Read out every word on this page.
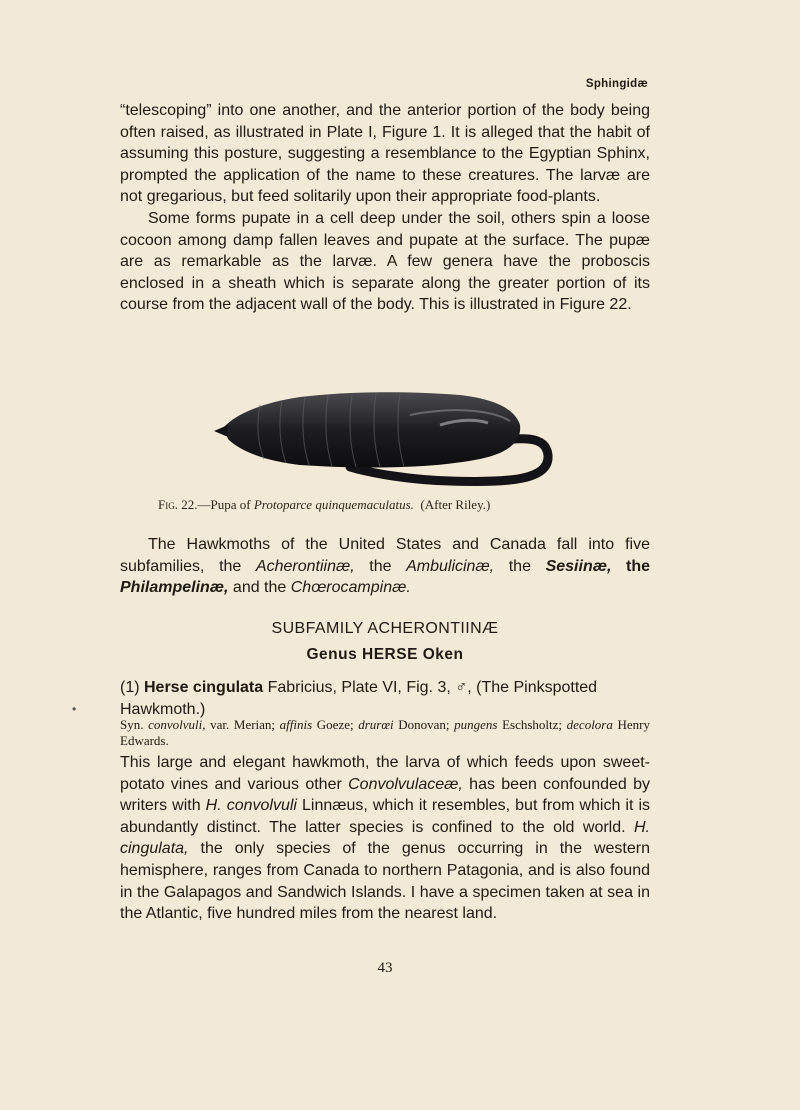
Sphingidæ

“telescoping” into one another, and the anterior portion of the body being often raised, as illustrated in Plate I, Figure 1. It is alleged that the habit of assuming this posture, suggesting a resemblance to the Egyptian Sphinx, prompted the application of the name to these creatures. The larvæ are not gregarious, but feed solitarily upon their appropriate food-plants.

Some forms pupate in a cell deep under the soil, others spin a loose cocoon among damp fallen leaves and pupate at the surface. The pupæ are as remarkable as the larvæ. A few genera have the proboscis enclosed in a sheath which is separate along the greater portion of its course from the adjacent wall of the body. This is illustrated in Figure 22.

Fig. 22.—Pupa of Protoparce quinquemaculatus. (After Riley.)

The Hawkmoths of the United States and Canada fall into five subfamilies, the Acherontiinæ, the Ambulicinæ, the Sesiinæ, the Philampelinæ, and the Chœrocampinæ.

SUBFAMILY ACHERONTIINÆ
Genus HERSE Oken
•

(1) Herse cingulata Fabricius, Plate VI, Fig. 3, ♂, (The Pinkspotted Hawkmoth.)

Syn. convolvuli, var. Merian; affinis Goeze; drurœi Donovan; pungens Eschsholtz; decolora Henry Edwards.

This large and elegant hawkmoth, the larva of which feeds upon sweet-potato vines and various other Convolvulaceæ, has been confounded by writers with H. convolvuli Linnæus, which it resembles, but from which it is abundantly distinct. The latter species is confined to the old world. H. cingulata, the only species of the genus occurring in the western hemisphere, ranges from Canada to northern Patagonia, and is also found in the Galapagos and Sandwich Islands. I have a specimen taken at sea in the Atlantic, five hundred miles from the nearest land.

43
